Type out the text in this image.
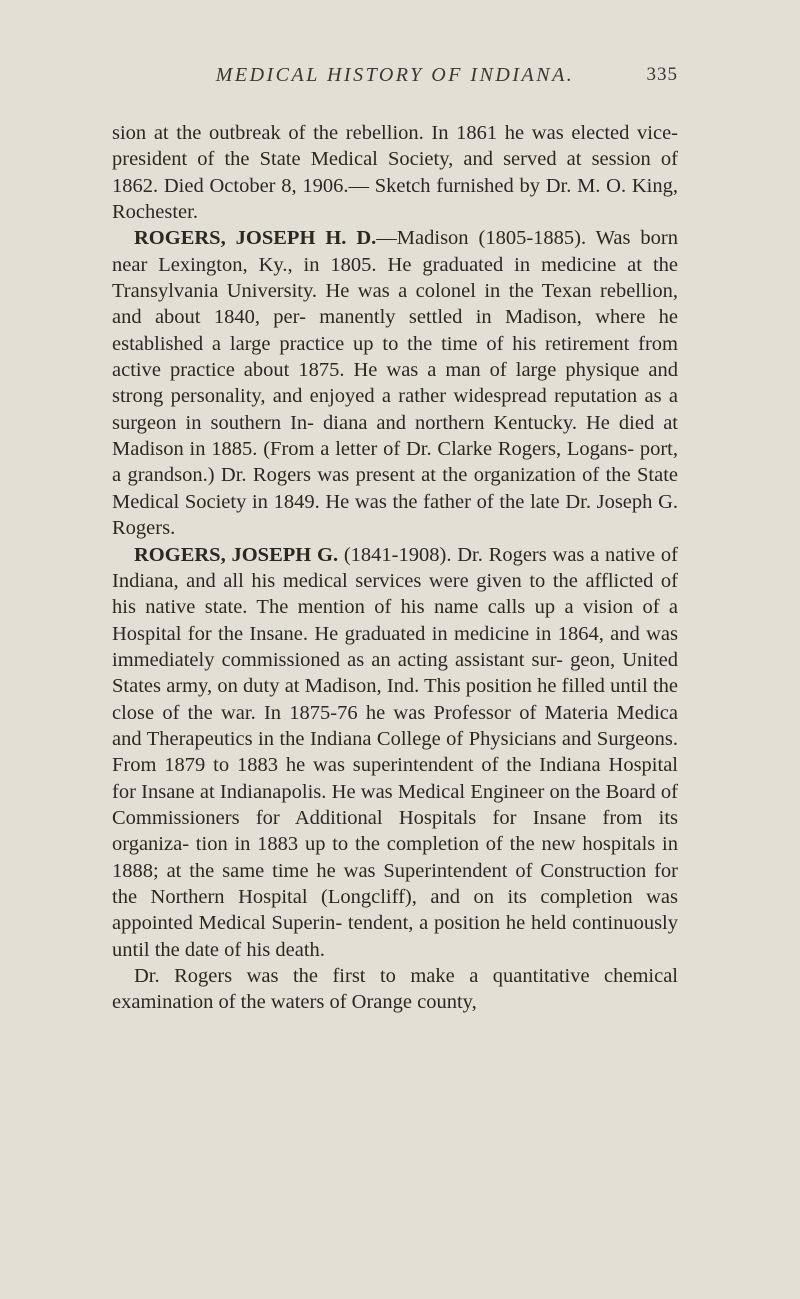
MEDICAL HISTORY OF INDIANA.	335

sion at the outbreak of the rebellion. In 1861 he was elected vice-president of the State Medical Society, and served at session of 1862. Died October 8, 1906.— Sketch furnished by Dr. M. O. King, Rochester.

ROGERS, JOSEPH H. D.—Madison (1805-1885). Was born near Lexington, Ky., in 1805. He graduated in medicine at the Transylvania University. He was a colonel in the Texan rebellion, and about 1840, per- manently settled in Madison, where he established a large practice up to the time of his retirement from active practice about 1875. He was a man of large physique and strong personality, and enjoyed a rather widespread reputation as a surgeon in southern In- diana and northern Kentucky. He died at Madison in 1885. (From a letter of Dr. Clarke Rogers, Logans- port, a grandson.) Dr. Rogers was present at the organization of the State Medical Society in 1849. He was the father of the late Dr. Joseph G. Rogers.

ROGERS, JOSEPH G. (1841-1908). Dr. Rogers was a native of Indiana, and all his medical services were given to the afflicted of his native state. The mention of his name calls up a vision of a Hospital for the Insane. He graduated in medicine in 1864, and was immediately commissioned as an acting assistant sur- geon, United States army, on duty at Madison, Ind. This position he filled until the close of the war. In 1875-76 he was Professor of Materia Medica and Therapeutics in the Indiana College of Physicians and Surgeons. From 1879 to 1883 he was superintendent of the Indiana Hospital for Insane at Indianapolis. He was Medical Engineer on the Board of Commissioners for Additional Hospitals for Insane from its organiza- tion in 1883 up to the completion of the new hospitals in 1888; at the same time he was Superintendent of Construction for the Northern Hospital (Longcliff), and on its completion was appointed Medical Superin- tendent, a position he held continuously until the date of his death.

Dr. Rogers was the first to make a quantitative chemical examination of the waters of Orange county,
